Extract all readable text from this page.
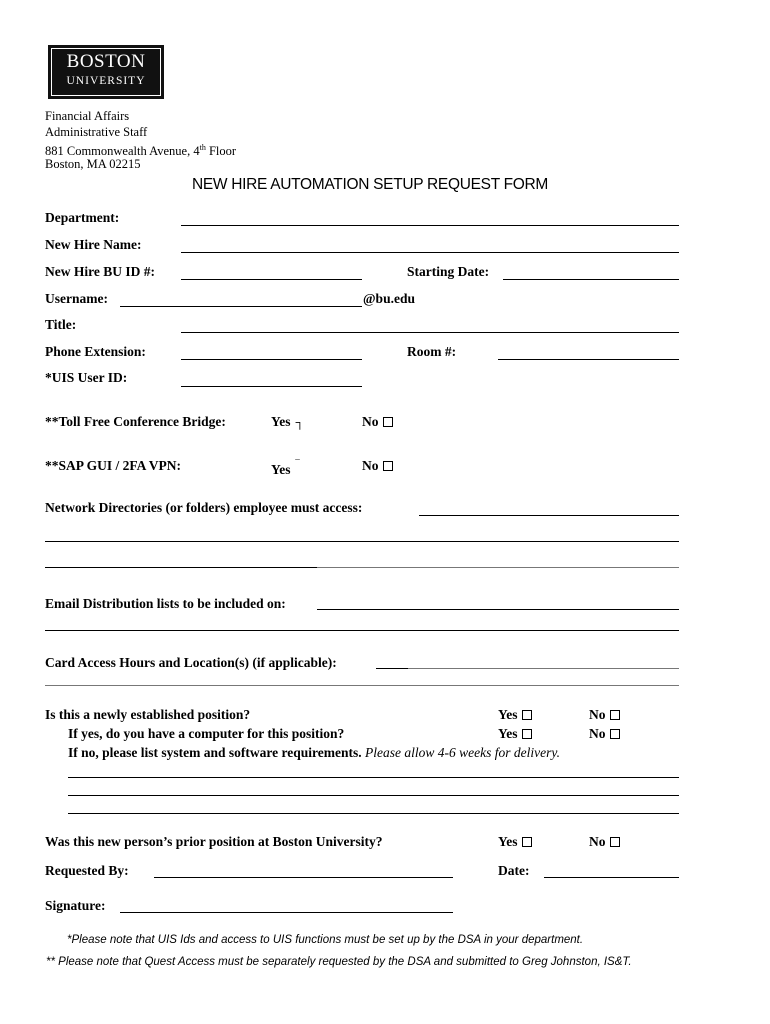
BOSTON
UNIVERSITY
Financial Affairs
Administrative Staff
881 Commonwealth Avenue, 4th Floor
Boston, MA 02215
NEW HIRE AUTOMATION SETUP REQUEST FORM
Department:
New Hire Name:
New Hire BU ID #:	Starting Date:
Username:	@bu.edu
Title:
Phone Extension:	Room #:
*UIS User ID:
**Toll Free Conference Bridge:	Yes ┐	No
**SAP GUI / 2FA VPN:	Yes ‾	No
Network Directories (or folders) employee must access:
Email Distribution lists to be included on:
Card Access Hours and Location(s) (if applicable):
Is this a newly established position?	Yes	No
If yes, do you have a computer for this position?	Yes	No
If no, please list system and software requirements. Please allow 4-6 weeks for delivery.
Was this new person’s prior position at Boston University?	Yes	No
Requested By:	Date:
Signature:
*Please note that UIS Ids and access to UIS functions must be set up by the DSA in your department.
** Please note that Quest Access must be separately requested by the DSA and submitted to Greg Johnston, IS&T.
